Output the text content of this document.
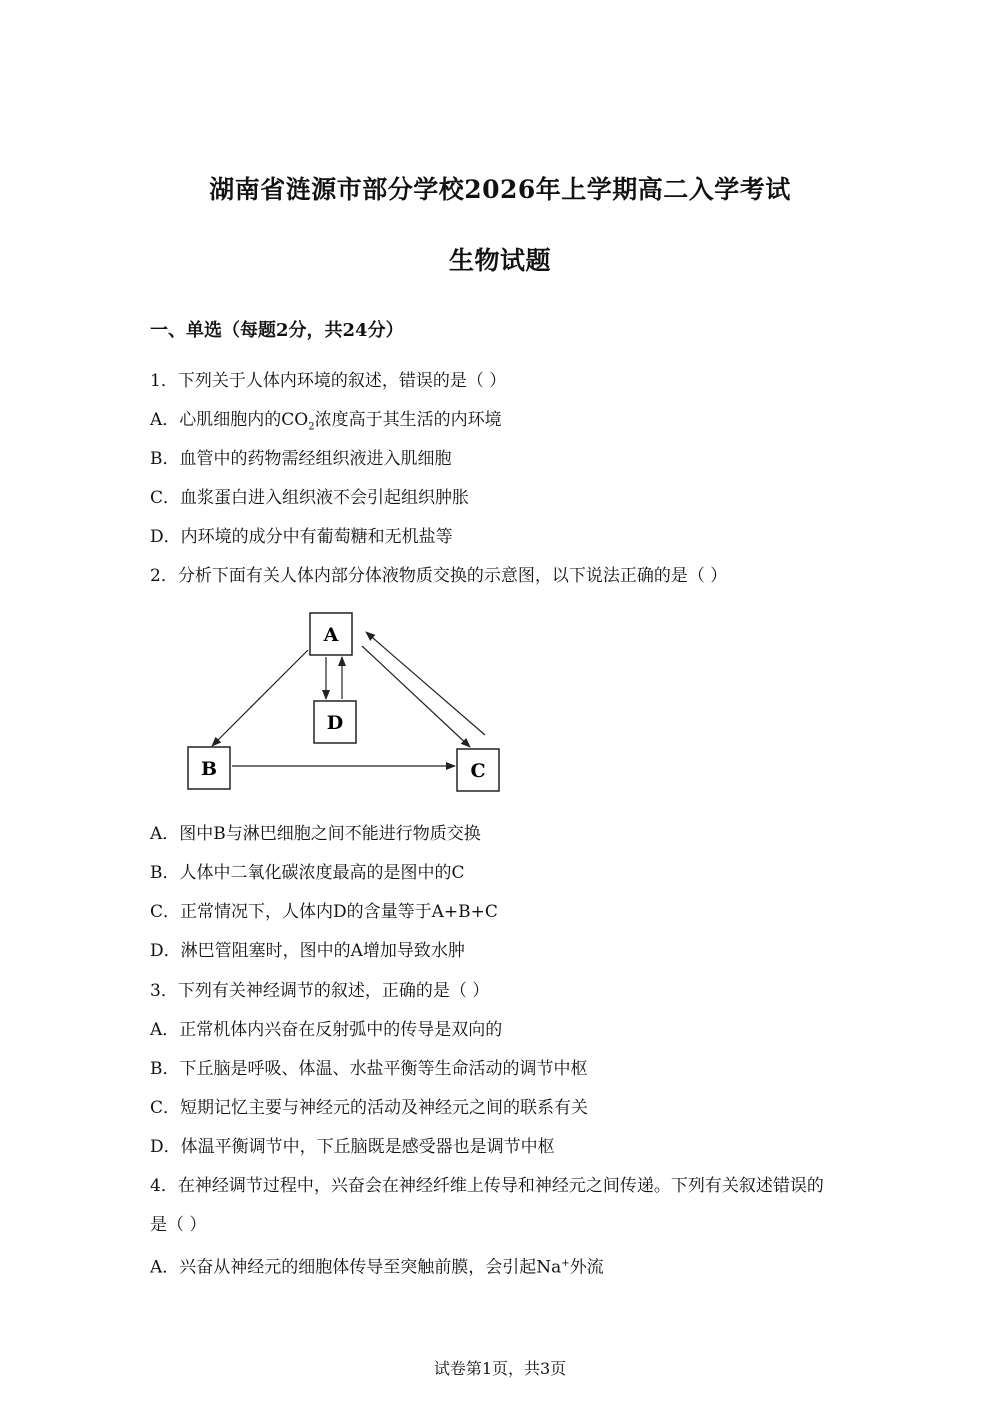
湖南省涟源市部分学校2026年上学期高二入学考试
生物试题
一、单选（每题2分，共24分）
1．下列关于人体内环境的叙述，错误的是（ ）
A．心肌细胞内的$CO_2$浓度高于其生活的内环境
B．血管中的药物需经组织液进入肌细胞
C．血浆蛋白进入组织液不会引起组织肿胀
D．内环境的成分中有葡萄糖和无机盐等
2．分析下面有关人体内部分体液物质交换的示意图，以下说法正确的是（ ）
A
B	C
D
A．图中B与淋巴细胞之间不能进行物质交换
B．人体中二氧化碳浓度最高的是图中的C
C．正常情况下，人体内D的含量等于A+B+C
D．淋巴管阻塞时，图中的A增加导致水肿
3．下列有关神经调节的叙述，正确的是（ ）
A．正常机体内兴奋在反射弧中的传导是双向的
B．下丘脑是呼吸、体温、水盐平衡等生命活动的调节中枢
C．短期记忆主要与神经元的活动及神经元之间的联系有关
D．体温平衡调节中，下丘脑既是感受器也是调节中枢
4．在神经调节过程中，兴奋会在神经纤维上传导和神经元之间传递。下列有关叙述错误的
是（ ）
A．兴奋从神经元的细胞体传导至突触前膜，会引起Na+外流
试卷第1页，共3页
